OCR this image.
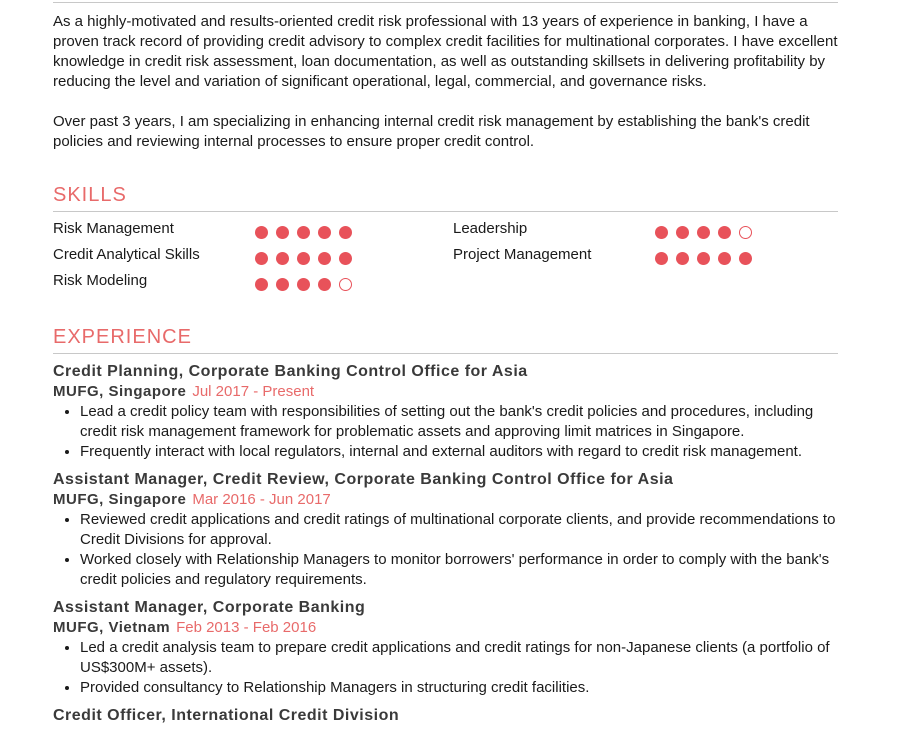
As a highly-motivated and results-oriented credit risk professional with 13 years of experience in banking, I have a proven track record of providing credit advisory to complex credit facilities for multinational corporates. I have excellent knowledge in credit risk assessment, loan documentation, as well as outstanding skillsets in delivering profitability by reducing the level and variation of significant operational, legal, commercial, and governance risks.

Over past 3 years, I am specializing in enhancing internal credit risk management by establishing the bank's credit policies and reviewing internal processes to ensure proper credit control.

SKILLS
Risk Management
Credit Analytical Skills
Risk Modeling
Leadership
Project Management
EXPERIENCE
Credit Planning, Corporate Banking Control Office for Asia
MUFG, Singapore Jul 2017 - Present
• Lead a credit policy team with responsibilities of setting out the bank's credit policies and procedures, including credit risk management framework for problematic assets and approving limit matrices in Singapore.
• Frequently interact with local regulators, internal and external auditors with regard to credit risk management.
Assistant Manager, Credit Review, Corporate Banking Control Office for Asia
MUFG, Singapore Mar 2016 - Jun 2017
• Reviewed credit applications and credit ratings of multinational corporate clients, and provide recommendations to Credit Divisions for approval.
• Worked closely with Relationship Managers to monitor borrowers' performance in order to comply with the bank's credit policies and regulatory requirements.
Assistant Manager, Corporate Banking
MUFG, Vietnam Feb 2013 - Feb 2016
• Led a credit analysis team to prepare credit applications and credit ratings for non-Japanese clients (a portfolio of US$300M+ assets).
• Provided consultancy to Relationship Managers in structuring credit facilities.
Credit Officer, International Credit Division
